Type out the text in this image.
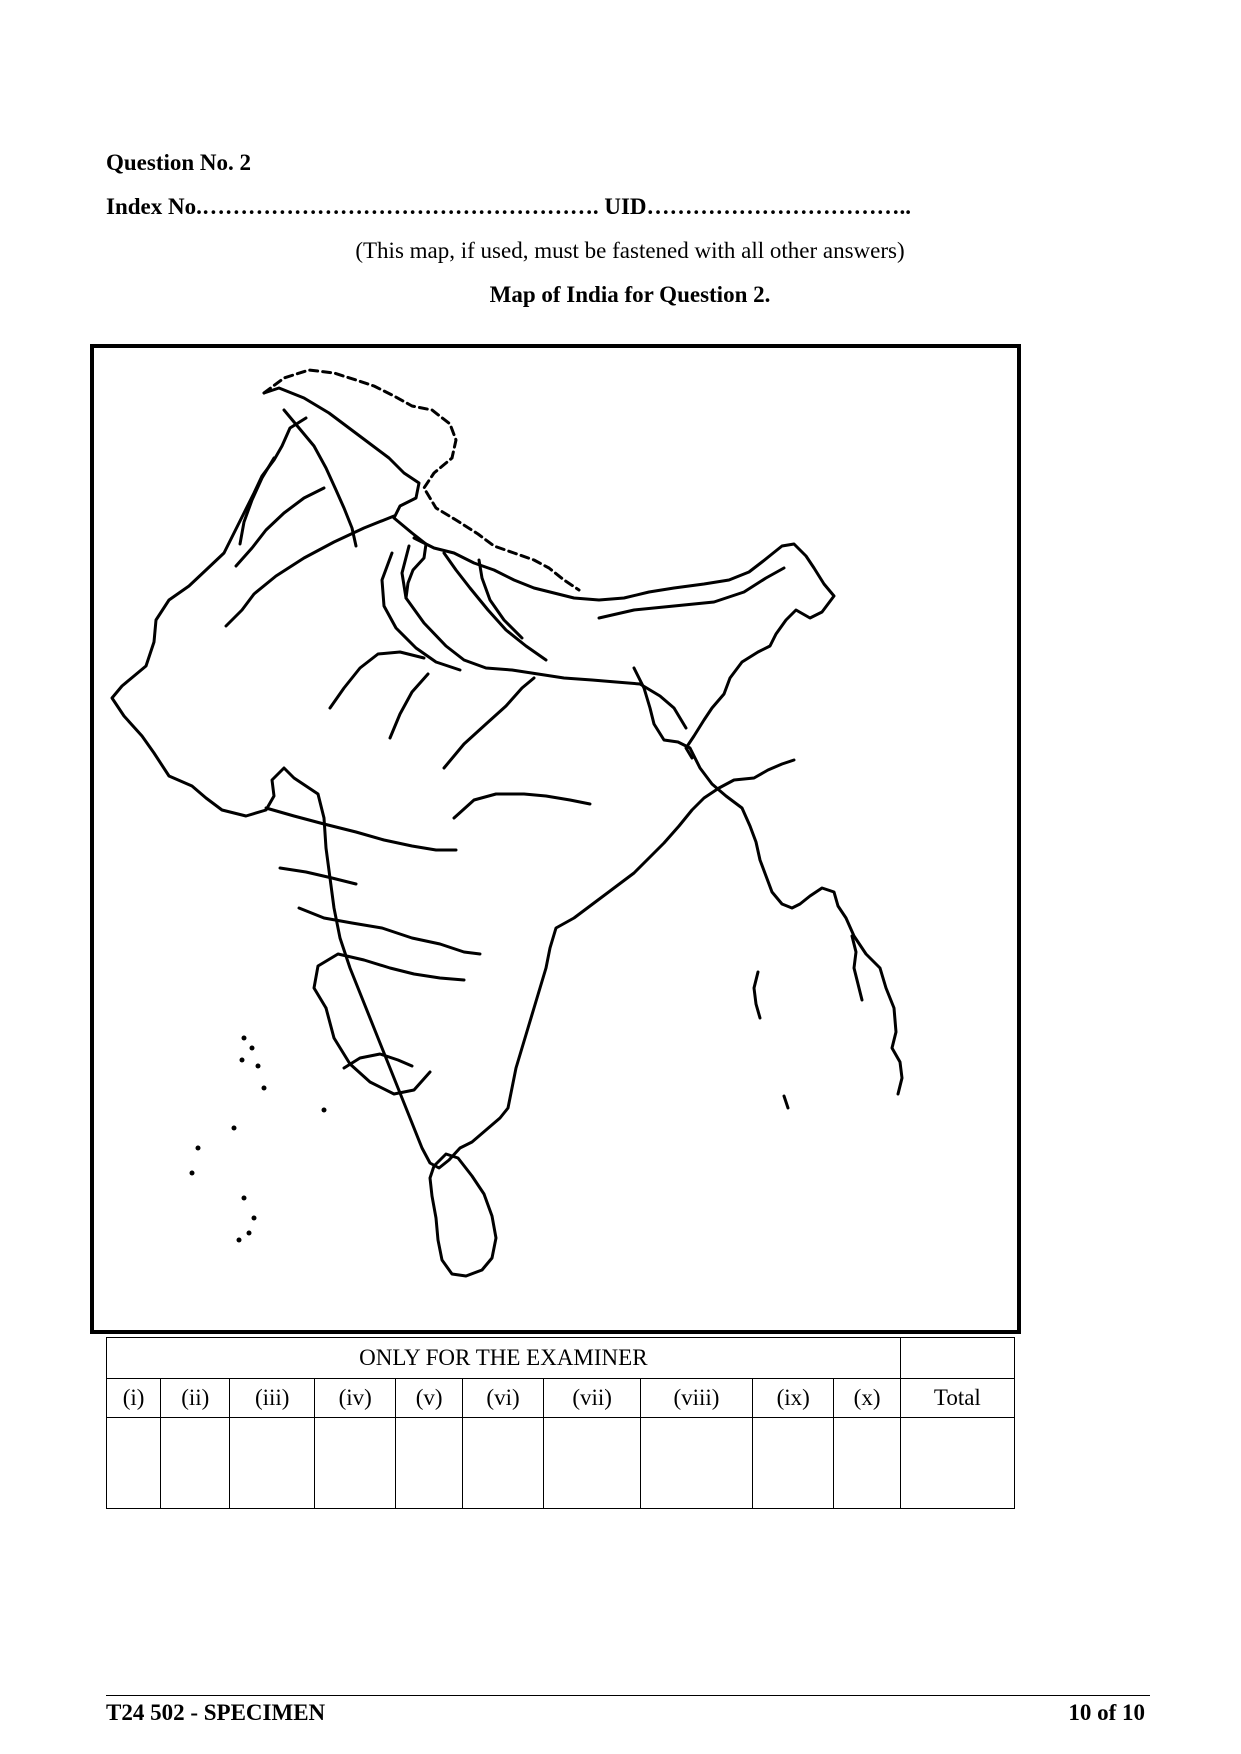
Question No. 2
Index No.……………………………………………. UID……………………………..
(This map, if used, must be fastened with all other answers)
Map of India for Question 2.
ONLY FOR THE EXAMINER										
(i)	(ii)	(iii)	(iv)	(v)	(vi)	(vii)	(viii)	(ix)	(x)	Total

T24 502 - SPECIMEN	10 of 10
